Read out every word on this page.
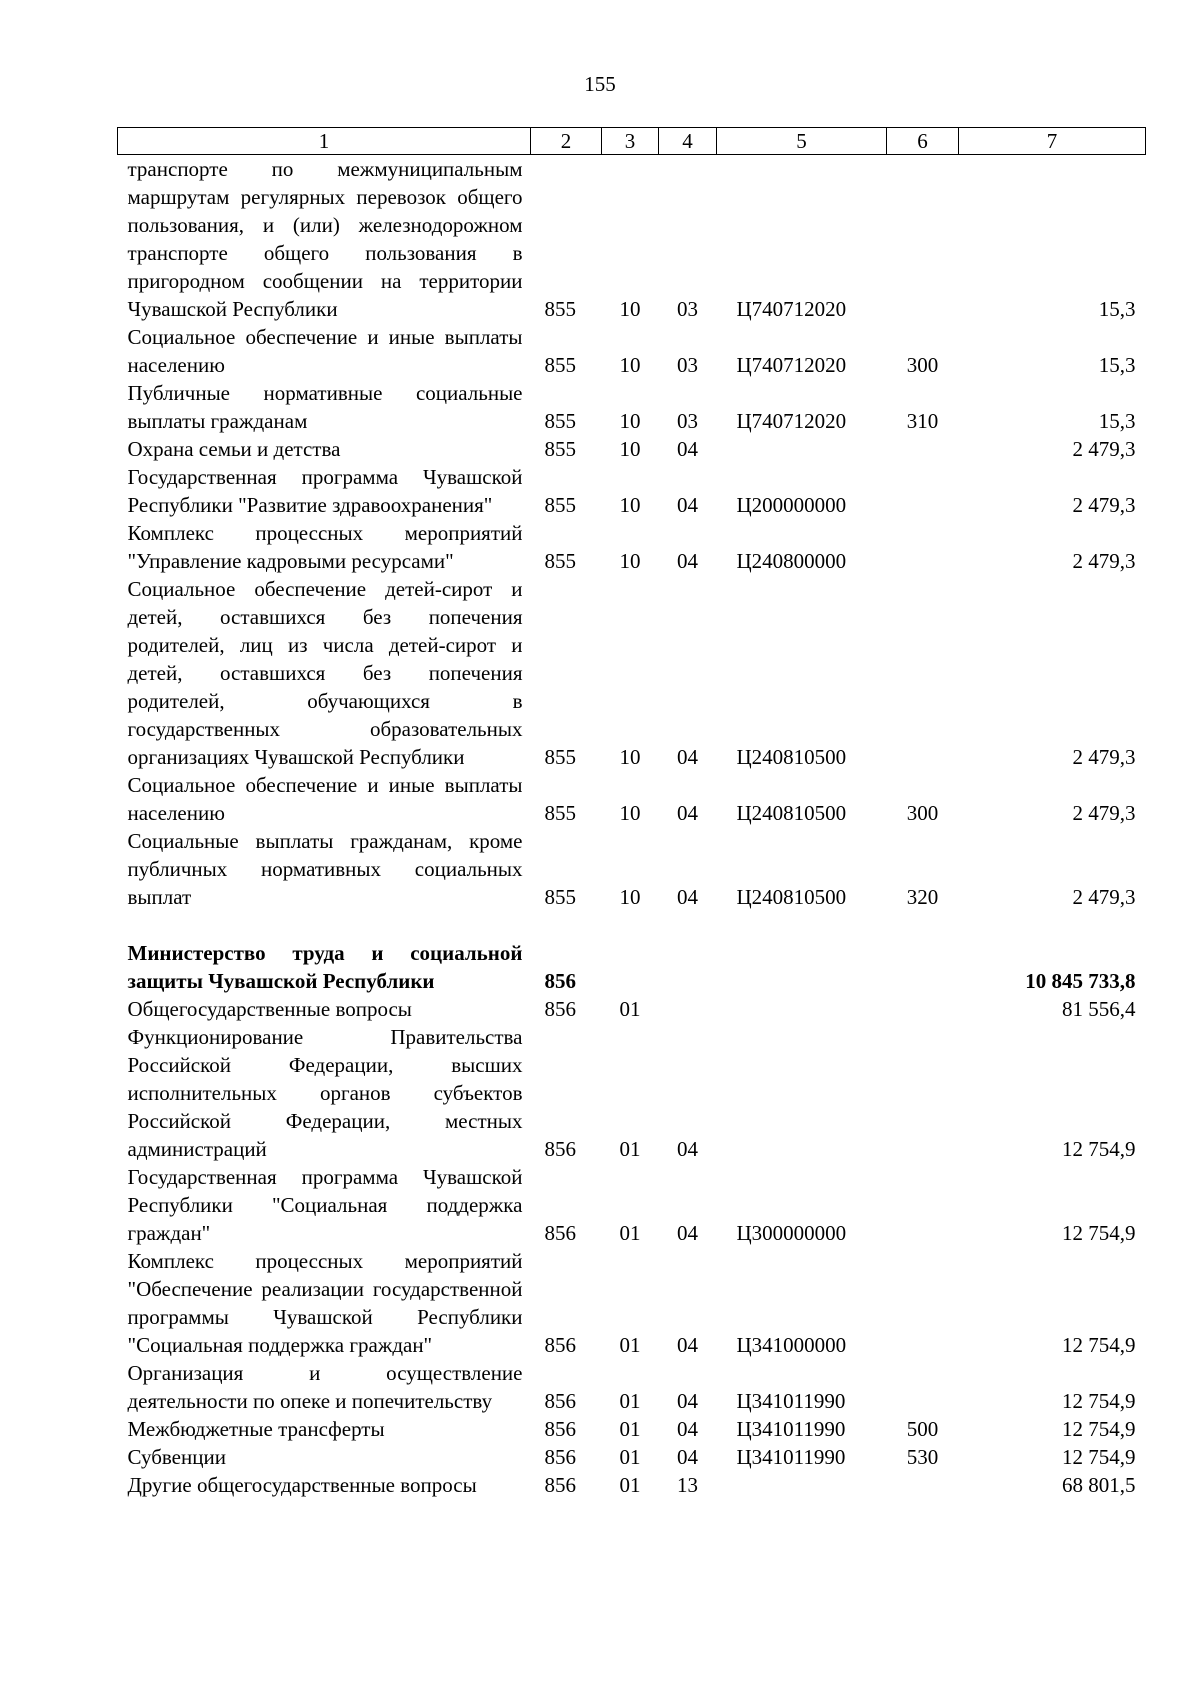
155
1	2	3	4	5	6	7
транспорте по межмуниципальным маршрутам регулярных перевозок общего пользования, и (или) железнодорожном транспорте общего пользования в пригородном сообщении на территории Чувашской Республики	855	10	03	Ц740712020		15,3
Социальное обеспечение и иные выплаты населению	855	10	03	Ц740712020	300	15,3
Публичные нормативные социальные выплаты гражданам	855	10	03	Ц740712020	310	15,3
Охрана семьи и детства	855	10	04			2 479,3
Государственная программа Чувашской Республики "Развитие здравоохранения"	855	10	04	Ц200000000		2 479,3
Комплекс процессных мероприятий "Управление кадровыми ресурсами"	855	10	04	Ц240800000		2 479,3
Социальное обеспечение детей-сирот и детей, оставшихся без попечения родителей, лиц из числа детей-сирот и детей, оставшихся без попечения родителей, обучающихся в государственных образовательных организациях Чувашской Республики	855	10	04	Ц240810500		2 479,3
Социальное обеспечение и иные выплаты населению	855	10	04	Ц240810500	300	2 479,3
Социальные выплаты гражданам, кроме публичных нормативных социальных выплат	855	10	04	Ц240810500	320	2 479,3

Министерство труда и социальной защиты Чувашской Республики	856					10 845 733,8
Общегосударственные вопросы	856	01				81 556,4
Функционирование Правительства Российской Федерации, высших исполнительных органов субъектов Российской Федерации, местных администраций	856	01	04			12 754,9
Государственная программа Чувашской Республики "Социальная поддержка граждан"	856	01	04	Ц300000000		12 754,9
Комплекс процессных мероприятий "Обеспечение реализации государственной программы Чувашской Республики "Социальная поддержка граждан"	856	01	04	Ц341000000		12 754,9
Организация и осуществление деятельности по опеке и попечительству	856	01	04	Ц341011990		12 754,9
Межбюджетные трансферты	856	01	04	Ц341011990	500	12 754,9
Субвенции	856	01	04	Ц341011990	530	12 754,9
Другие общегосударственные вопросы	856	01	13			68 801,5
